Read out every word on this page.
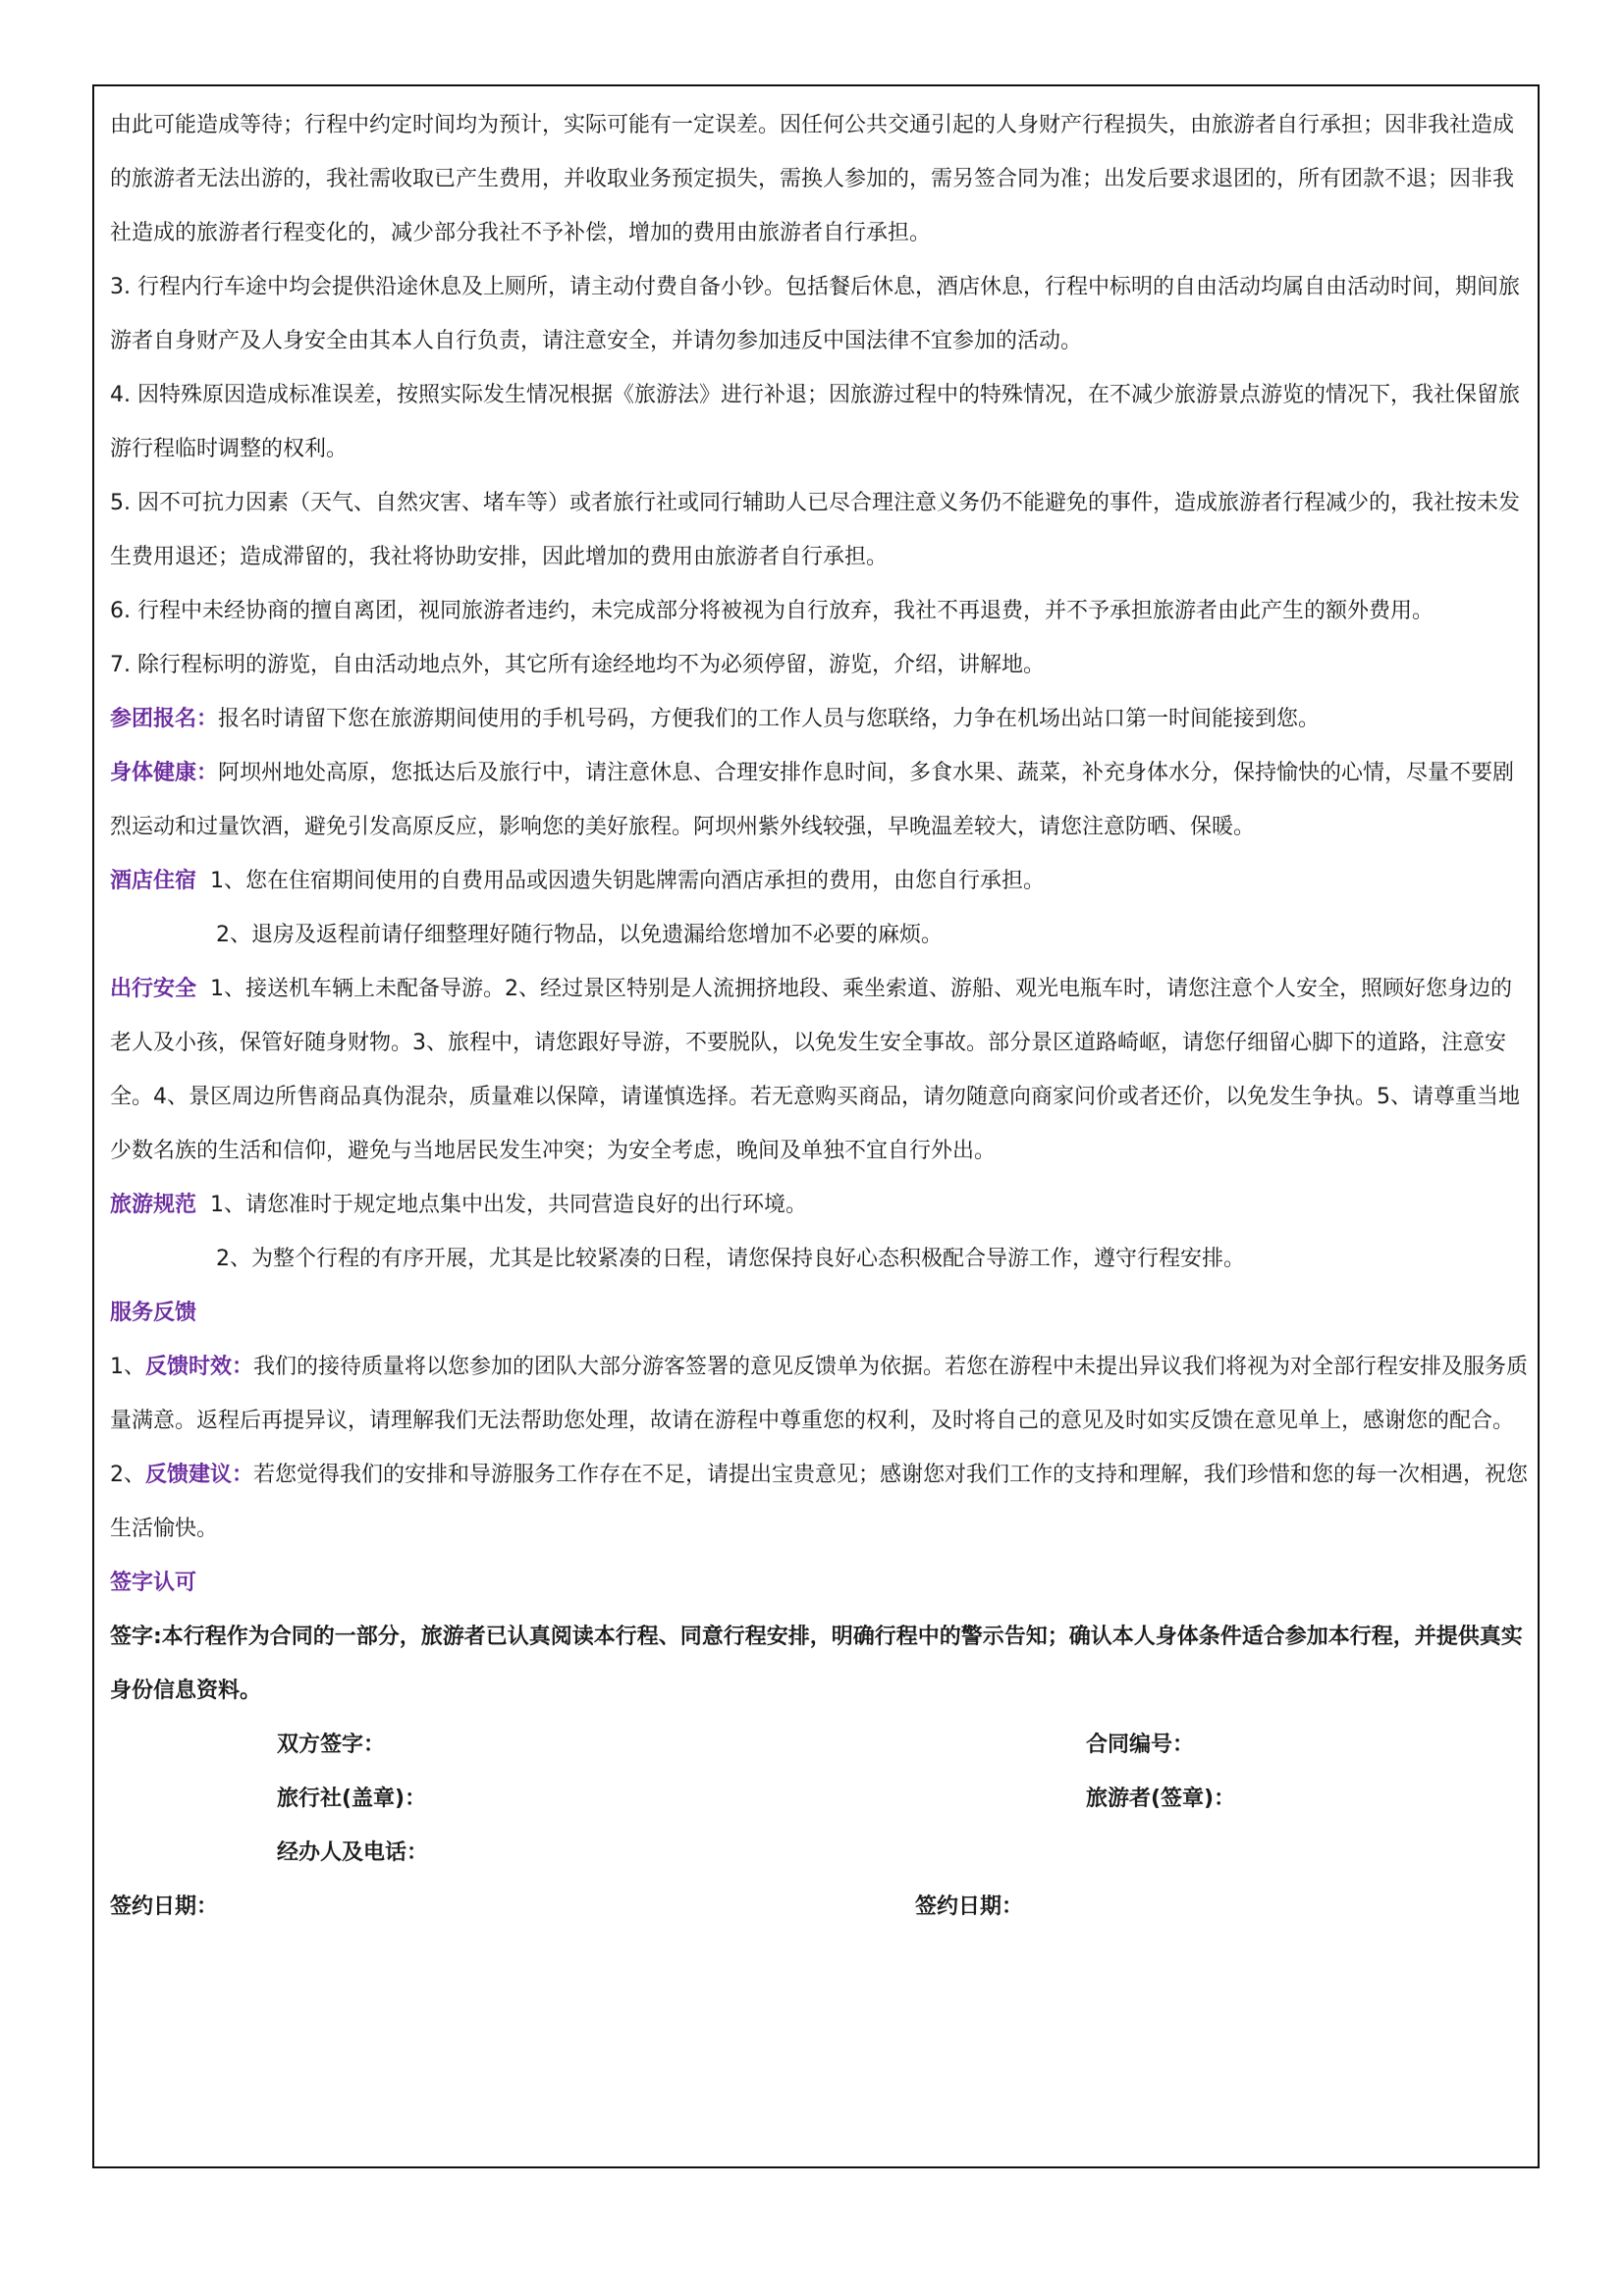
由此可能造成等待；行程中约定时间均为预计，实际可能有一定误差。因任何公共交通引起的人身财产行程损失，由旅游者自行承担；因非我社造成的旅游者无法出游的，我社需收取已产生费用，并收取业务预定损失，需换人参加的，需另签合同为准；出发后要求退团的，所有团款不退；因非我社造成的旅游者行程变化的，减少部分我社不予补偿，增加的费用由旅游者自行承担。

3. 行程内行车途中均会提供沿途休息及上厕所，请主动付费自备小钞。包括餐后休息，酒店休息，行程中标明的自由活动均属自由活动时间，期间旅游者自身财产及人身安全由其本人自行负责，请注意安全，并请勿参加违反中国法律不宜参加的活动。

4. 因特殊原因造成标准误差，按照实际发生情况根据《旅游法》进行补退；因旅游过程中的特殊情况，在不减少旅游景点游览的情况下，我社保留旅游行程临时调整的权利。

5. 因不可抗力因素（天气、自然灾害、堵车等）或者旅行社或同行辅助人已尽合理注意义务仍不能避免的事件，造成旅游者行程减少的，我社按未发生费用退还；造成滞留的，我社将协助安排，因此增加的费用由旅游者自行承担。

6. 行程中未经协商的擅自离团，视同旅游者违约，未完成部分将被视为自行放弃，我社不再退费，并不予承担旅游者由此产生的额外费用。

7. 除行程标明的游览，自由活动地点外，其它所有途经地均不为必须停留，游览，介绍，讲解地。

参团报名：报名时请留下您在旅游期间使用的手机号码，方便我们的工作人员与您联络，力争在机场出站口第一时间能接到您。

身体健康：阿坝州地处高原，您抵达后及旅行中，请注意休息、合理安排作息时间，多食水果、蔬菜，补充身体水分，保持愉快的心情，尽量不要剧烈运动和过量饮酒，避免引发高原反应，影响您的美好旅程。阿坝州紫外线较强，早晚温差较大，请您注意防晒、保暖。

酒店住宿 1、您在住宿期间使用的自费用品或因遗失钥匙牌需向酒店承担的费用，由您自行承担。

2、退房及返程前请仔细整理好随行物品，以免遗漏给您增加不必要的麻烦。

出行安全 1、接送机车辆上未配备导游。2、经过景区特别是人流拥挤地段、乘坐索道、游船、观光电瓶车时，请您注意个人安全，照顾好您身边的老人及小孩，保管好随身财物。3、旅程中，请您跟好导游，不要脱队，以免发生安全事故。部分景区道路崎岖，请您仔细留心脚下的道路，注意安全。4、景区周边所售商品真伪混杂，质量难以保障，请谨慎选择。若无意购买商品，请勿随意向商家问价或者还价，以免发生争执。5、请尊重当地少数名族的生活和信仰，避免与当地居民发生冲突；为安全考虑，晚间及单独不宜自行外出。

旅游规范 1、请您准时于规定地点集中出发，共同营造良好的出行环境。

2、为整个行程的有序开展，尤其是比较紧凑的日程，请您保持良好心态积极配合导游工作，遵守行程安排。

服务反馈

1、反馈时效：我们的接待质量将以您参加的团队大部分游客签署的意见反馈单为依据。若您在游程中未提出异议我们将视为对全部行程安排及服务质量满意。返程后再提异议，请理解我们无法帮助您处理，故请在游程中尊重您的权利，及时将自己的意见及时如实反馈在意见单上，感谢您的配合。

2、反馈建议：若您觉得我们的安排和导游服务工作存在不足，请提出宝贵意见；感谢您对我们工作的支持和理解，我们珍惜和您的每一次相遇，祝您生活愉快。

签字认可

签字:本行程作为合同的一部分，旅游者已认真阅读本行程、同意行程安排，明确行程中的警示告知；确认本人身体条件适合参加本行程，并提供真实身份信息资料。

双方签字：	合同编号：
旅行社(盖章)：	旅游者(签章)：
经办人及电话：
签约日期：	签约日期：
